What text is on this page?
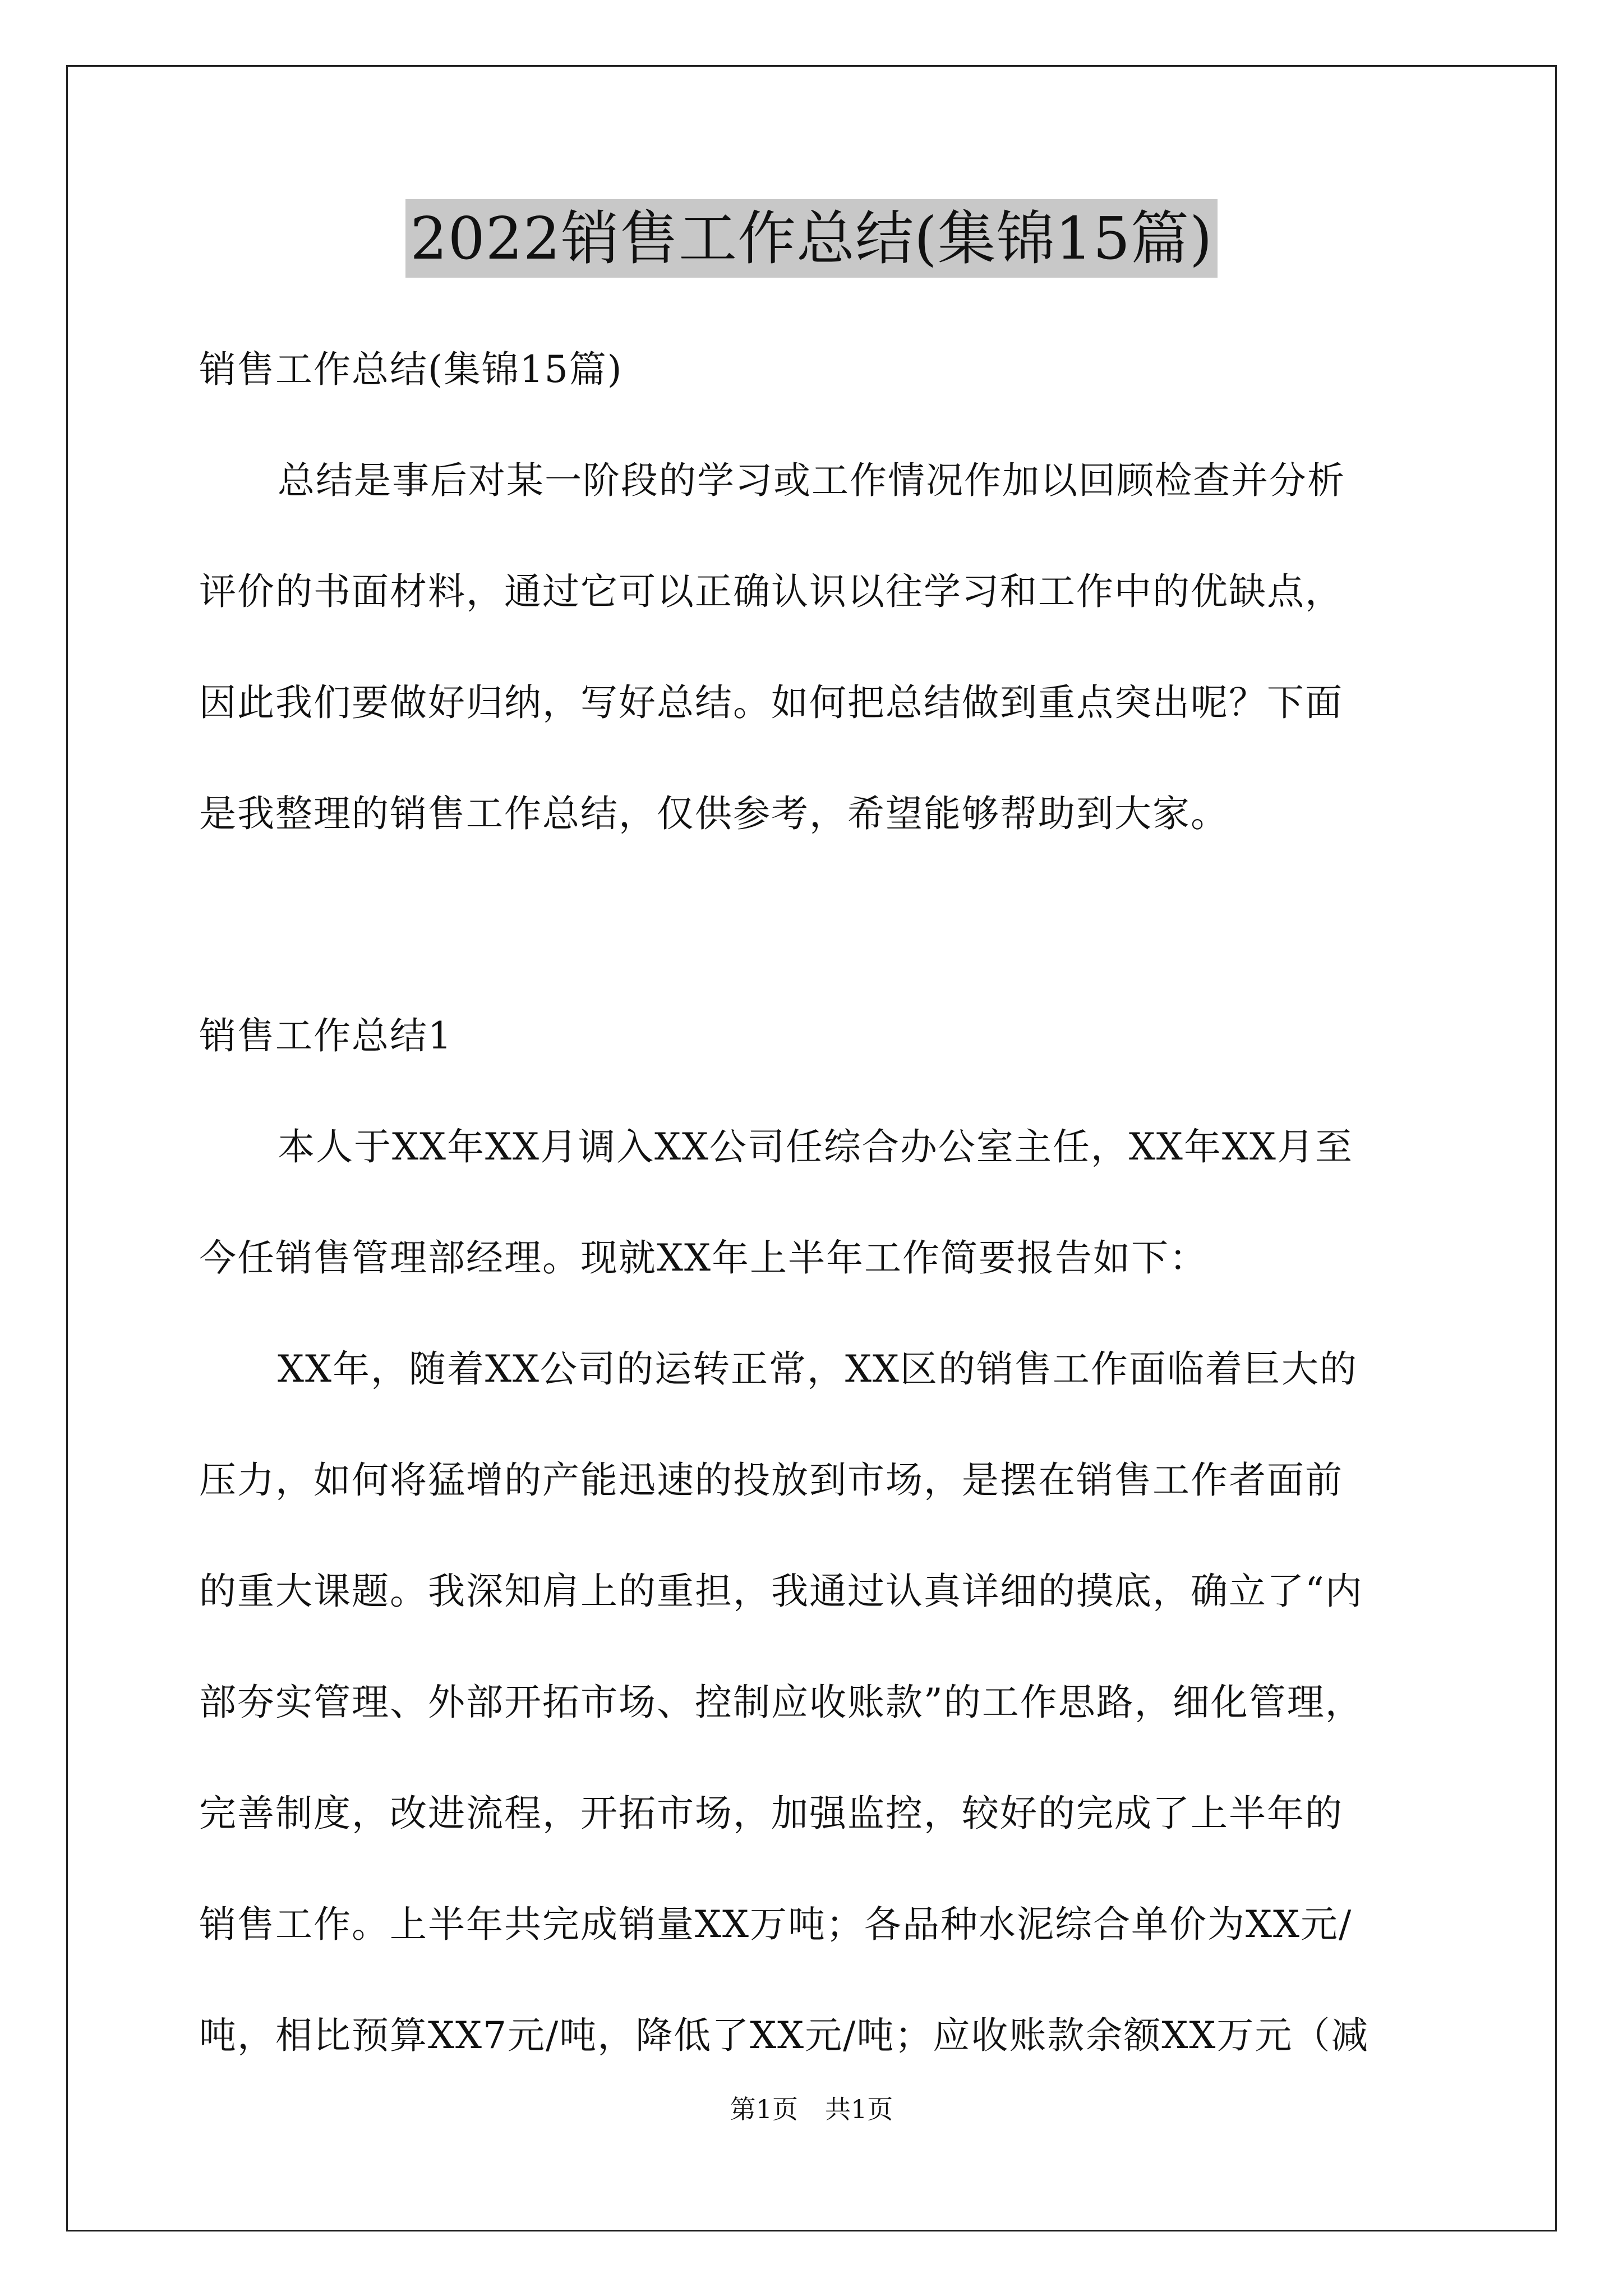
2022销售工作总结(集锦15篇)
销售工作总结(集锦15篇)
总结是事后对某一阶段的学习或工作情况作加以回顾检查并分析
评价的书面材料，通过它可以正确认识以往学习和工作中的优缺点，
因此我们要做好归纳，写好总结。如何把总结做到重点突出呢？下面
是我整理的销售工作总结，仅供参考，希望能够帮助到大家。
销售工作总结1
本人于XX年XX月调入XX公司任综合办公室主任，XX年XX月至
今任销售管理部经理。现就XX年上半年工作简要报告如下：
XX年，随着XX公司的运转正常，XX区的销售工作面临着巨大的
压力，如何将猛增的产能迅速的投放到市场，是摆在销售工作者面前
的重大课题。我深知肩上的重担，我通过认真详细的摸底，确立了“内
部夯实管理、外部开拓市场、控制应收账款”的工作思路，细化管理，
完善制度，改进流程，开拓市场，加强监控，较好的完成了上半年的
销售工作。上半年共完成销量XX万吨；各品种水泥综合单价为XX元/
吨，相比预算XX7元/吨，降低了XX元/吨；应收账款余额XX万元（减
第1页 共1页
